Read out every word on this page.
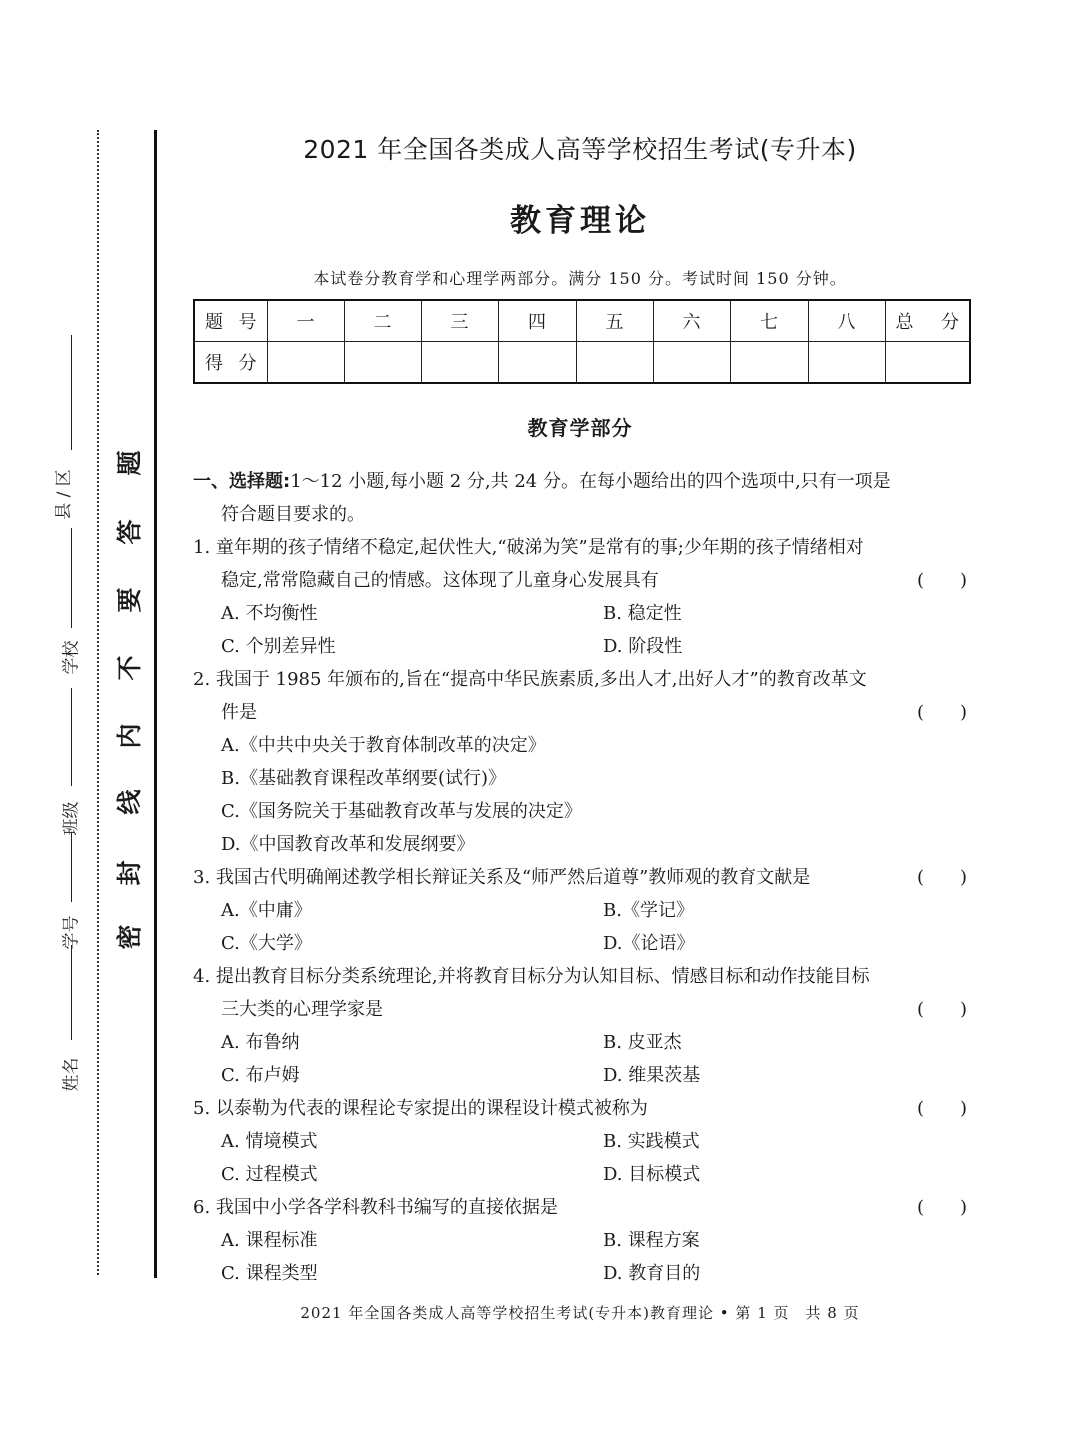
县 / 区
学校
班级
学号
姓名
题
答
要
不
内
线
封
密
2021 年全国各类成人高等学校招生考试(专升本)
教育理论
本试卷分教育学和心理学两部分。满分 150 分。考试时间 150 分钟。
题号	一	二	三	四	五	六	七	八	总分
得分									
教育学部分
一、选择题:1～12 小题,每小题 2 分,共 24 分。在每小题给出的四个选项中,只有一项是
符合题目要求的。
1. 童年期的孩子情绪不稳定,起伏性大,“破涕为笑”是常有的事;少年期的孩子情绪相对
稳定,常常隐藏自己的情感。这体现了儿童身心发展具有	(　　)
A. 不均衡性	B. 稳定性
C. 个别差异性	D. 阶段性
2. 我国于 1985 年颁布的,旨在“提高中华民族素质,多出人才,出好人才”的教育改革文
件是	(　　)
A.《中共中央关于教育体制改革的决定》
B.《基础教育课程改革纲要(试行)》
C.《国务院关于基础教育改革与发展的决定》
D.《中国教育改革和发展纲要》
3. 我国古代明确阐述教学相长辩证关系及“师严然后道尊”教师观的教育文献是	(　　)
A.《中庸》	B.《学记》
C.《大学》	D.《论语》
4. 提出教育目标分类系统理论,并将教育目标分为认知目标、情感目标和动作技能目标
三大类的心理学家是	(　　)
A. 布鲁纳	B. 皮亚杰
C. 布卢姆	D. 维果茨基
5. 以泰勒为代表的课程论专家提出的课程设计模式被称为	(　　)
A. 情境模式	B. 实践模式
C. 过程模式	D. 目标模式
6. 我国中小学各学科教科书编写的直接依据是	(　　)
A. 课程标准	B. 课程方案
C. 课程类型	D. 教育目的
2021 年全国各类成人高等学校招生考试(专升本)教育理论 • 第 1 页　共 8 页
